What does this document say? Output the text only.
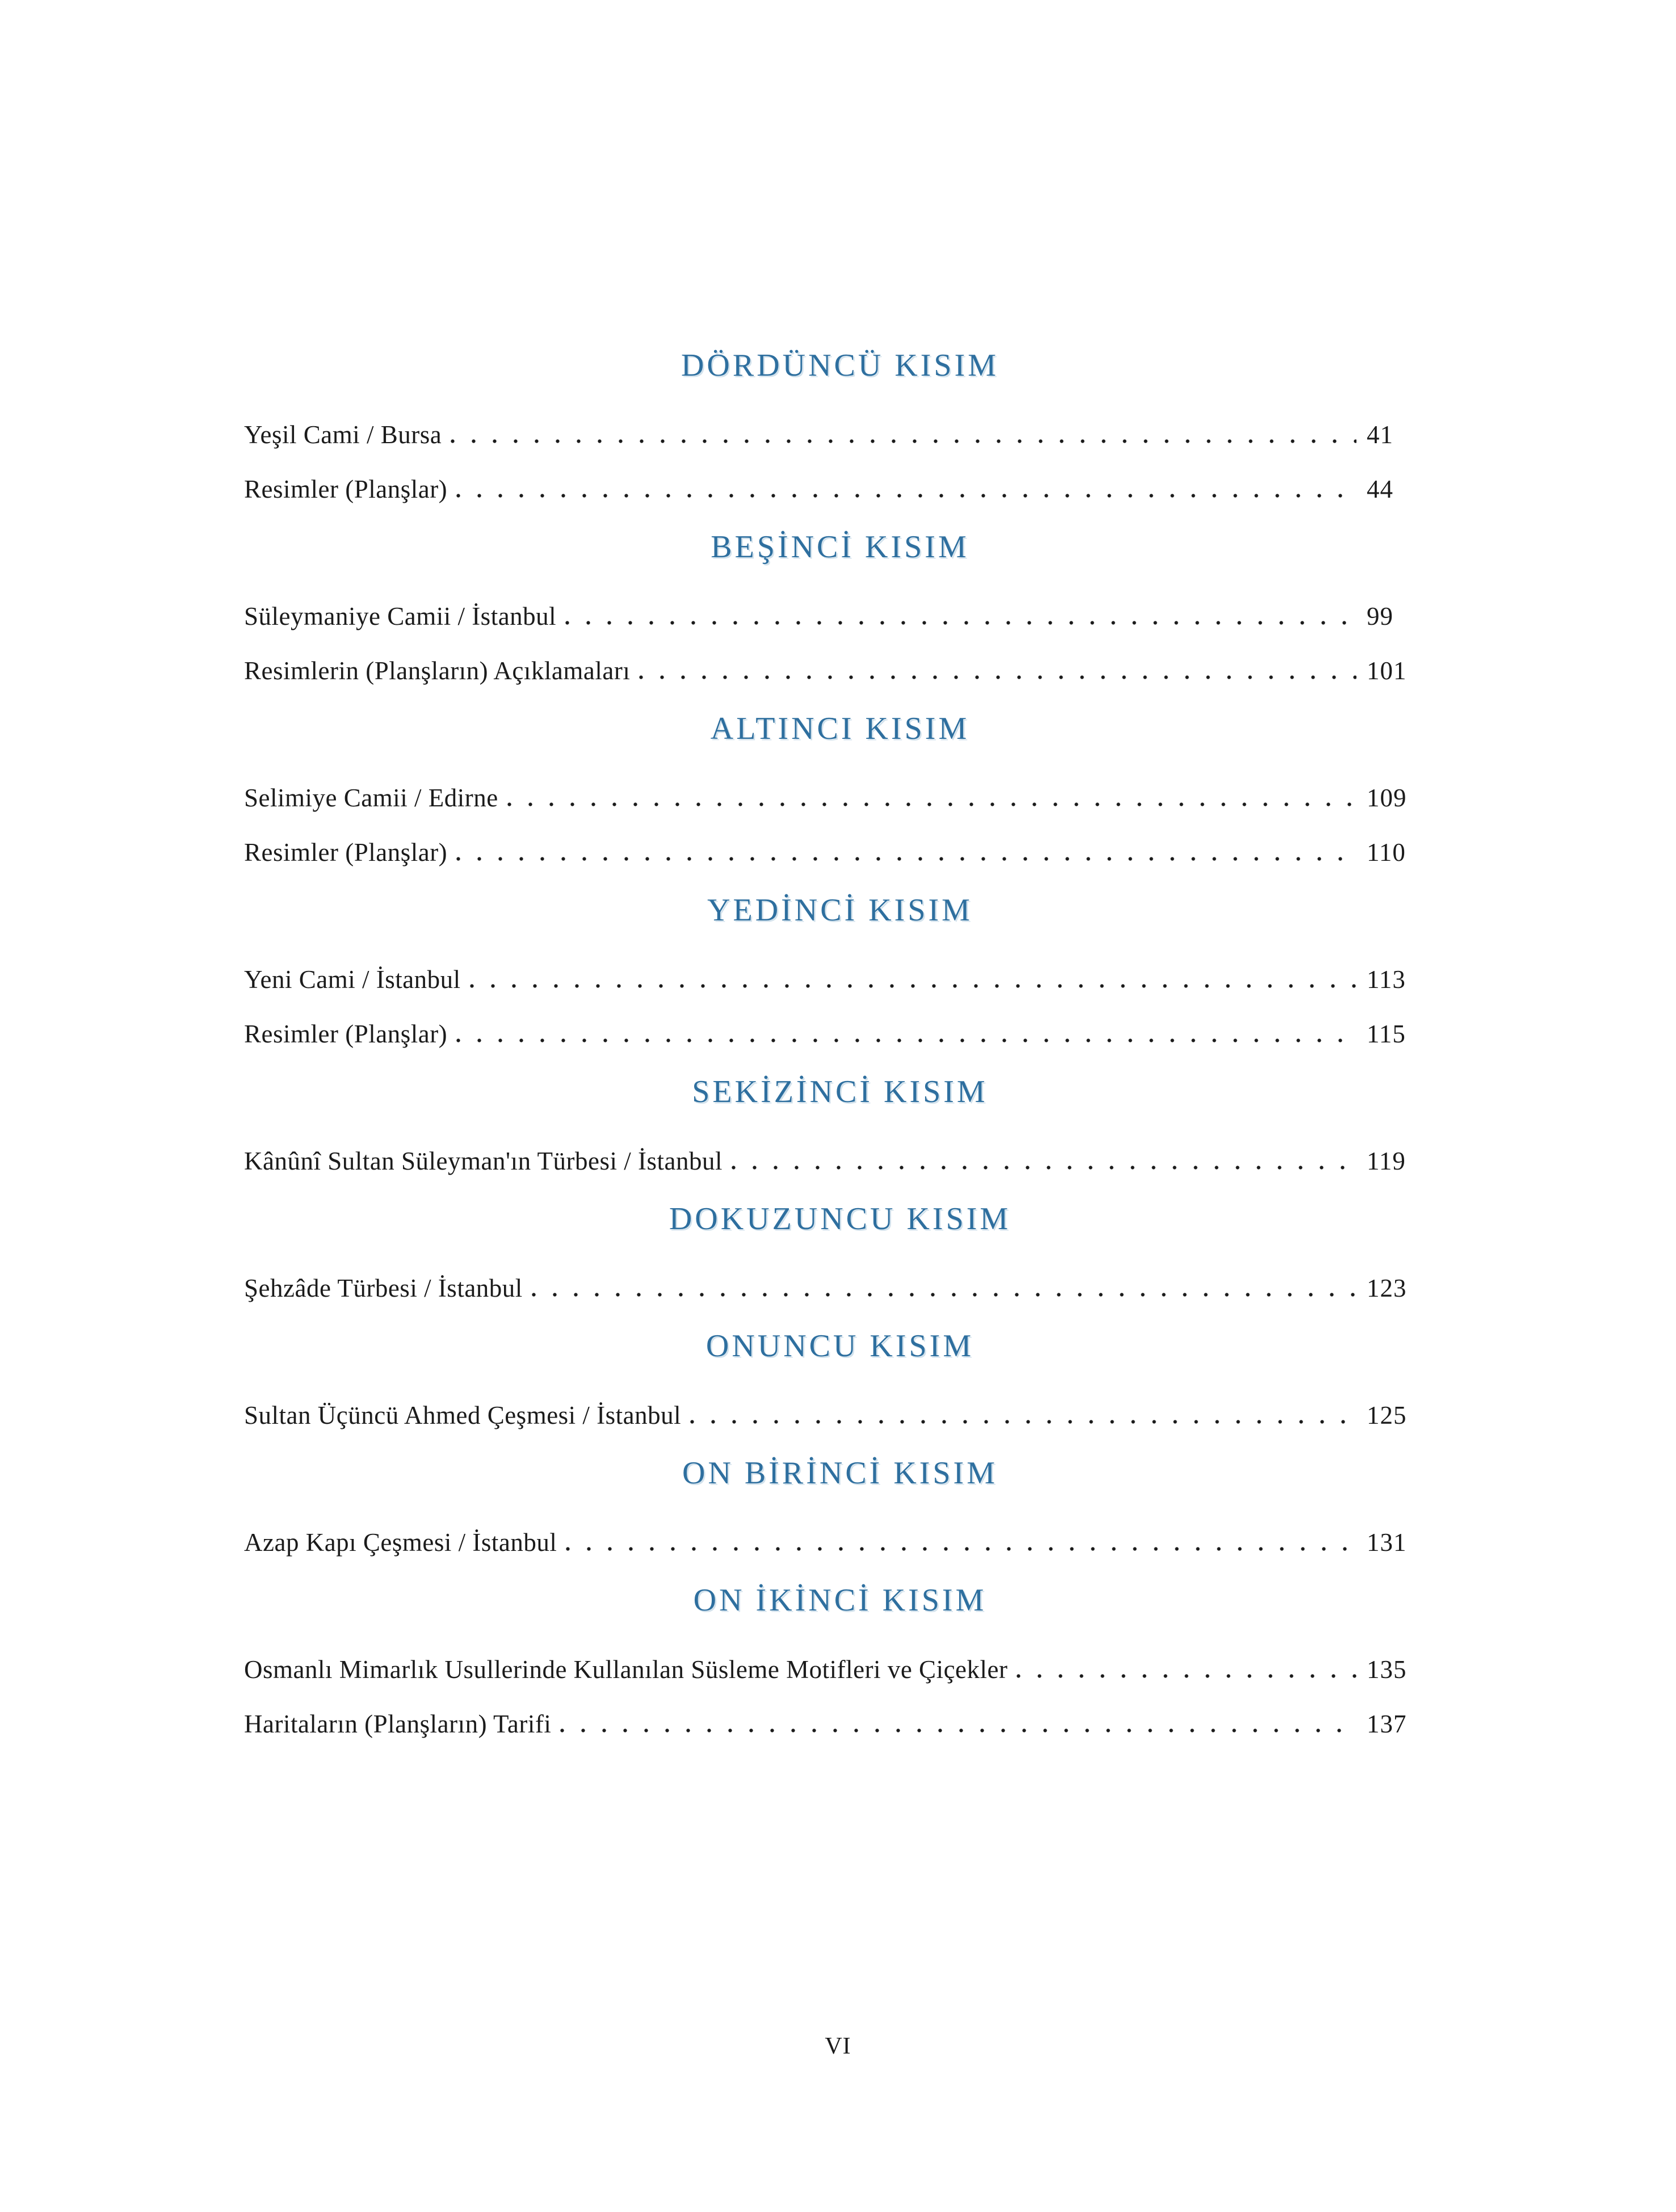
DÖRDÜNCÜ KISIM
Yeşil Cami / Bursa	41
Resimler (Planşlar)	44
BEŞİNCİ KISIM
Süleymaniye Camii / İstanbul	99
Resimlerin (Planşların) Açıklamaları	101
ALTINCI KISIM
Selimiye Camii / Edirne	109
Resimler (Planşlar)	110
YEDİNCİ KISIM
Yeni Cami / İstanbul	113
Resimler (Planşlar)	115
SEKİZİNCİ KISIM
Kânûnî Sultan Süleyman'ın Türbesi / İstanbul	119
DOKUZUNCU KISIM
Şehzâde Türbesi / İstanbul	123
ONUNCU KISIM
Sultan Üçüncü Ahmed Çeşmesi / İstanbul	125
ON BİRİNCİ KISIM
Azap Kapı Çeşmesi / İstanbul	131
ON İKİNCİ KISIM
Osmanlı Mimarlık Usullerinde Kullanılan Süsleme Motifleri ve Çiçekler	135
Haritaların (Planşların) Tarifi	137
VI
